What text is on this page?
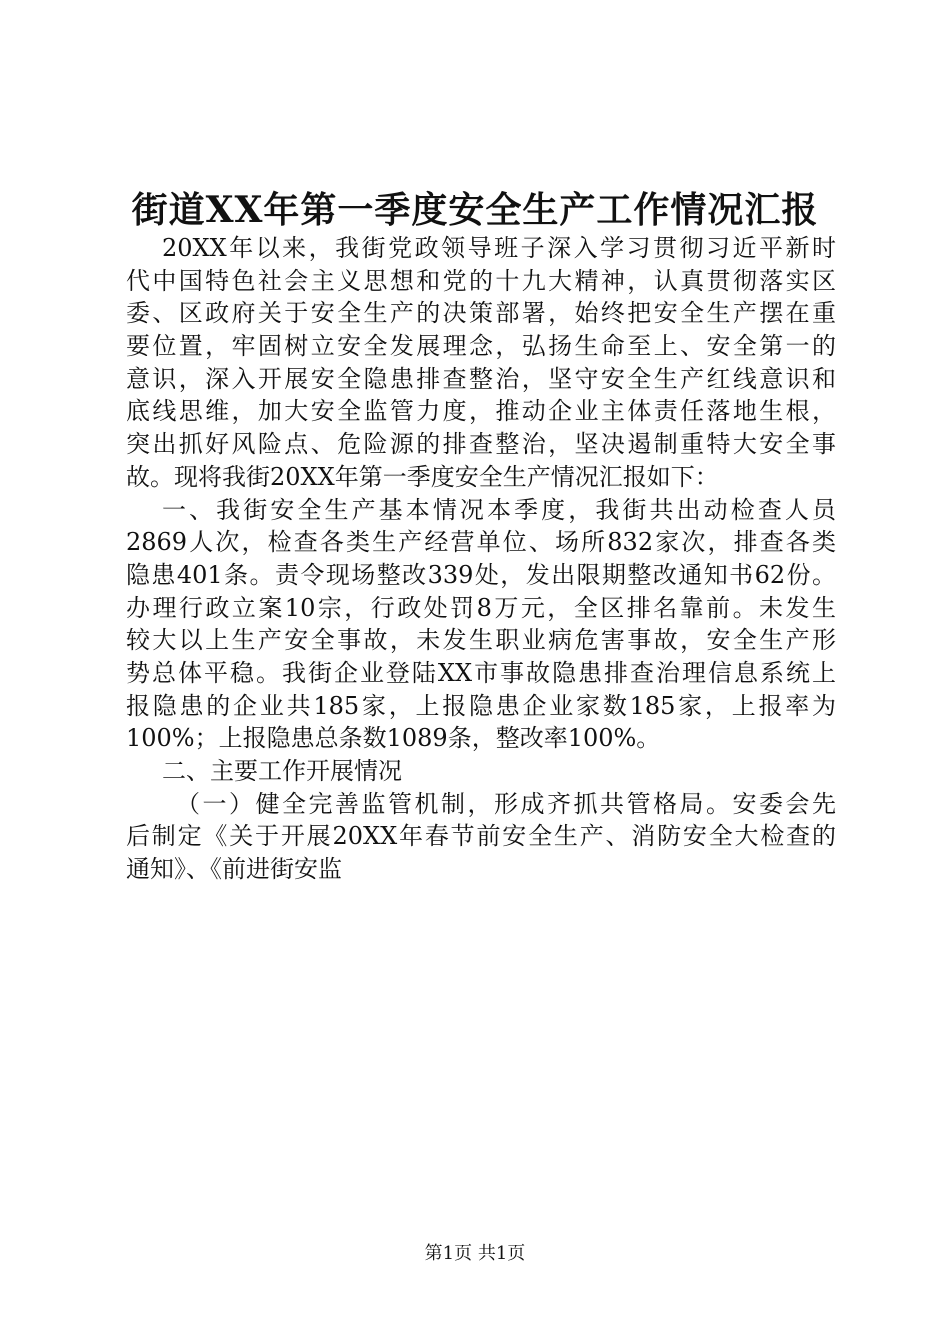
街道XX年第一季度安全生产工作情况汇报
20XX年以来，我街党政领导班子深入学习贯彻习近平新时
代中国特色社会主义思想和党的十九大精神，认真贯彻落实区
委、区政府关于安全生产的决策部署，始终把安全生产摆在重
要位置，牢固树立安全发展理念，弘扬生命至上、安全第一的
意识，深入开展安全隐患排查整治，坚守安全生产红线意识和
底线思维，加大安全监管力度，推动企业主体责任落地生根，
突出抓好风险点、危险源的排查整治，坚决遏制重特大安全事
故。现将我街20XX年第一季度安全生产情况汇报如下：
一、我街安全生产基本情况本季度，我街共出动检查人员
2869人次，检查各类生产经营单位、场所832家次，排查各类
隐患401条。责令现场整改339处，发出限期整改通知书62份。
办理行政立案10宗，行政处罚8万元，全区排名靠前。未发生
较大以上生产安全事故，未发生职业病危害事故，安全生产形
势总体平稳。我街企业登陆XX市事故隐患排查治理信息系统上
报隐患的企业共185家，上报隐患企业家数185家，上报率为
100%；上报隐患总条数1089条，整改率100%。
二、主要工作开展情况
（一）健全完善监管机制，形成齐抓共管格局。安委会先
后制定《关于开展20XX年春节前安全生产、消防安全大检查的
通知》、《前进街安监
第1页 共1页
